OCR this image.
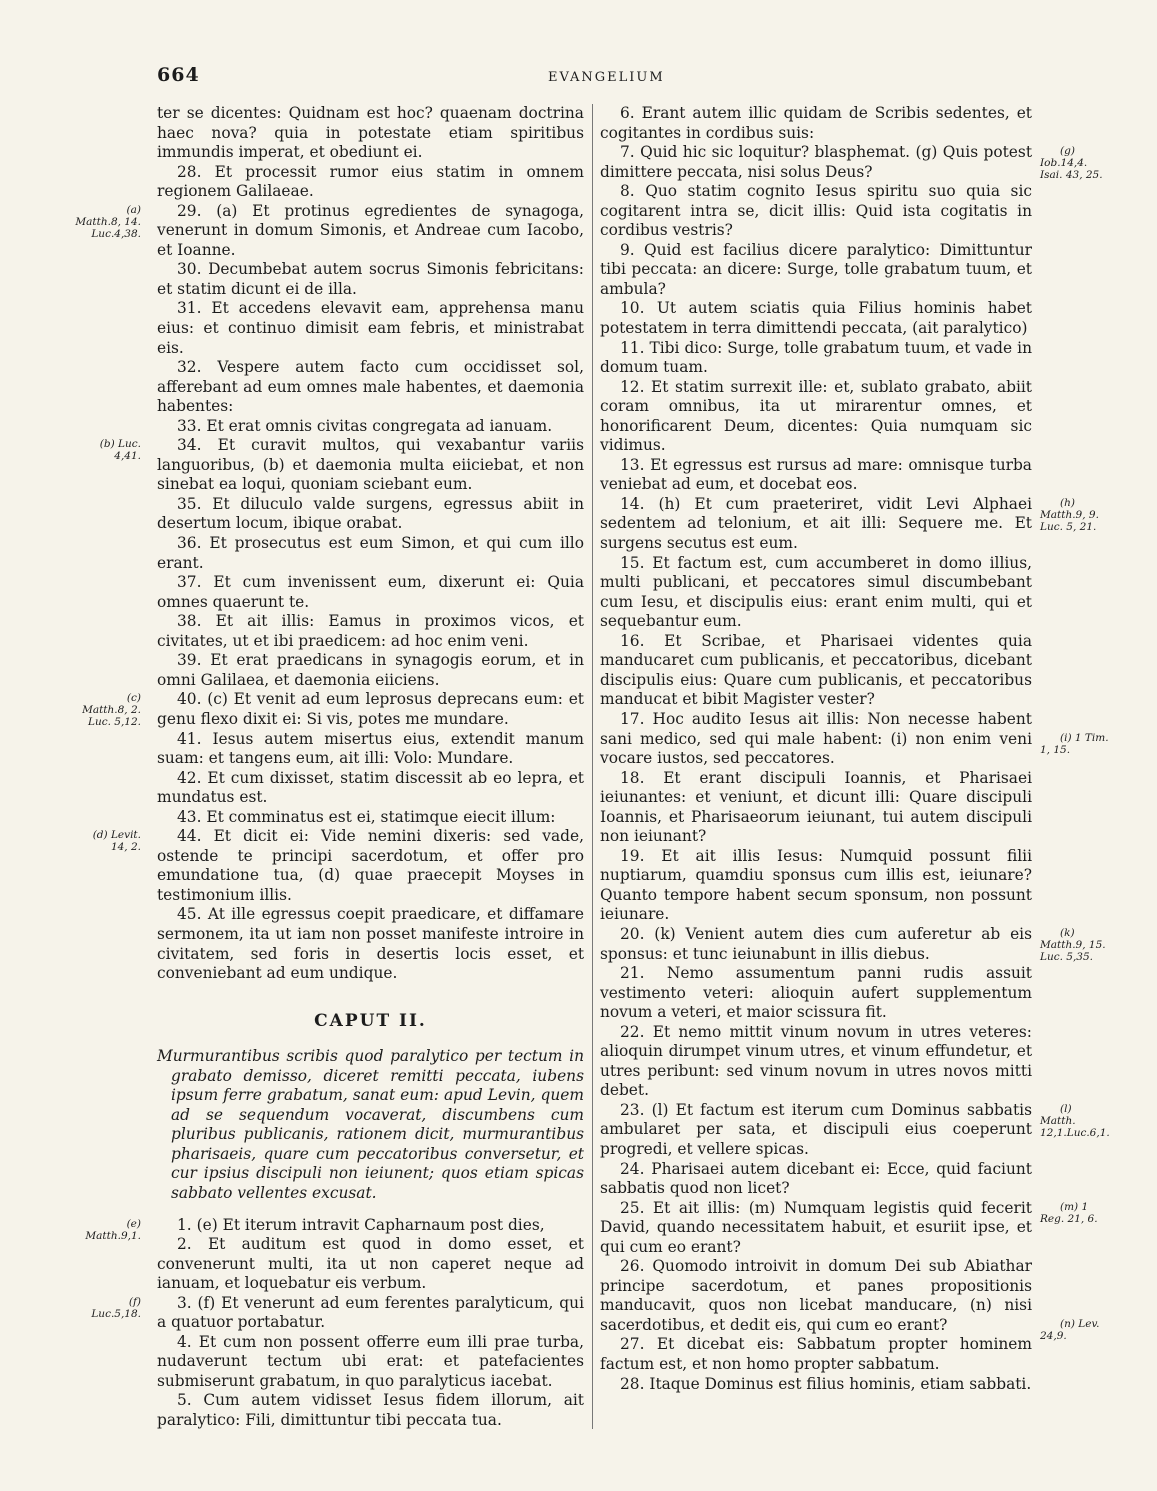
664	EVANGELIUM

ter se dicentes: Quidnam est hoc? quaenam doctrina haec nova? quia in potestate etiam spiritibus immundis imperat, et obediunt ei.

28. Et processit rumor eius statim in omnem regionem Galilaeae.

29. (a) Et protinus egredientes de synagoga, venerunt in domum Simonis, et Andreae cum Iacobo, et Ioanne.
(a) Matth.8, 14. Luc.4,38.

30. Decumbebat autem socrus Simonis febricitans: et statim dicunt ei de illa.

31. Et accedens elevavit eam, apprehensa manu eius: et continuo dimisit eam febris, et ministrabat eis.

32. Vespere autem facto cum occidisset sol, afferebant ad eum omnes male habentes, et daemonia habentes:

33. Et erat omnis civitas congregata ad ianuam.

34. Et curavit multos, qui vexabantur variis languoribus, (b) et daemonia multa eiiciebat, et non sinebat ea loqui, quoniam sciebant eum.
(b) Luc. 4,41.

35. Et diluculo valde surgens, egressus abiit in desertum locum, ibique orabat.

36. Et prosecutus est eum Simon, et qui cum illo erant.

37. Et cum invenissent eum, dixerunt ei: Quia omnes quaerunt te.

38. Et ait illis: Eamus in proximos vicos, et civitates, ut et ibi praedicem: ad hoc enim veni.

39. Et erat praedicans in synagogis eorum, et in omni Galilaea, et daemonia eiiciens.

40. (c) Et venit ad eum leprosus deprecans eum: et genu flexo dixit ei: Si vis, potes me mundare.
(c) Matth.8, 2. Luc. 5,12.

41. Iesus autem misertus eius, extendit manum suam: et tangens eum, ait illi: Volo: Mundare.

42. Et cum dixisset, statim discessit ab eo lepra, et mundatus est.

43. Et comminatus est ei, statimque eiecit illum:

44. Et dicit ei: Vide nemini dixeris: sed vade, ostende te principi sacerdotum, et offer pro emundatione tua, (d) quae praecepit Moyses in testimonium illis.
(d) Levit. 14, 2.

45. At ille egressus coepit praedicare, et diffamare sermonem, ita ut iam non posset manifeste introire in civitatem, sed foris in desertis locis esset, et conveniebant ad eum undique.

CAPUT II.

Murmurantibus scribis quod paralytico per tectum in grabato demisso, diceret remitti peccata, iubens ipsum ferre grabatum, sanat eum: apud Levin, quem ad se sequendum vocaverat, discumbens cum pluribus publicanis, rationem dicit, murmurantibus pharisaeis, quare cum peccatoribus conversetur, et cur ipsius discipuli non ieiunent; quos etiam spicas sabbato vellentes excusat.

1. (e) Et iterum intravit Capharnaum post dies,
(e) Matth.9,1.	2. Et auditum est quod in domo esset, et convenerunt multi, ita ut non caperet neque ad ianuam, et loquebatur eis verbum.

3. (f) Et venerunt ad eum ferentes paralyticum, qui a quatuor portabatur.
(f) Luc.5,18.

4. Et cum non possent offerre eum illi prae turba, nudaverunt tectum ubi erat: et patefacientes submiserunt grabatum, in quo paralyticus iacebat.

5. Cum autem vidisset Iesus fidem illorum, ait paralytico: Fili, dimittuntur tibi peccata tua.

6. Erant autem illic quidam de Scribis sedentes, et cogitantes in cordibus suis:

7. Quid hic sic loquitur? blasphemat. (g) Quis potest dimittere peccata, nisi solus Deus?
(g) Iob.14,4. Isai. 43, 25.

8. Quo statim cognito Iesus spiritu suo quia sic cogitarent intra se, dicit illis: Quid ista cogitatis in cordibus vestris?

9. Quid est facilius dicere paralytico: Dimittuntur tibi peccata: an dicere: Surge, tolle grabatum tuum, et ambula?

10. Ut autem sciatis quia Filius hominis habet potestatem in terra dimittendi peccata, (ait paralytico)

11. Tibi dico: Surge, tolle grabatum tuum, et vade in domum tuam.

12. Et statim surrexit ille: et, sublato grabato, abiit coram omnibus, ita ut mirarentur omnes, et honorificarent Deum, dicentes: Quia numquam sic vidimus.

13. Et egressus est rursus ad mare: omnisque turba veniebat ad eum, et docebat eos.

14. (h) Et cum praeteriret, vidit Levi Alphaei sedentem ad telonium, et ait illi: Sequere me. Et surgens secutus est eum.
(h) Matth.9, 9. Luc. 5, 21.

15. Et factum est, cum accumberet in domo illius, multi publicani, et peccatores simul discumbebant cum Iesu, et discipulis eius: erant enim multi, qui et sequebantur eum.

16. Et Scribae, et Pharisaei videntes quia manducaret cum publicanis, et peccatoribus, dicebant discipulis eius: Quare cum publicanis, et peccatoribus manducat et bibit Magister vester?

17. Hoc audito Iesus ait illis: Non necesse habent sani medico, sed qui male habent: (i) non enim veni vocare iustos, sed peccatores.
(i) 1 Tim. 1, 15.

18. Et erant discipuli Ioannis, et Pharisaei ieiunantes: et veniunt, et dicunt illi: Quare discipuli Ioannis, et Pharisaeorum ieiunant, tui autem discipuli non ieiunant?

19. Et ait illis Iesus: Numquid possunt filii nuptiarum, quamdiu sponsus cum illis est, ieiunare? Quanto tempore habent secum sponsum, non possunt ieiunare.

20. (k) Venient autem dies cum auferetur ab eis sponsus: et tunc ieiunabunt in illis diebus.
(k) Matth.9, 15. Luc. 5,35.

21. Nemo assumentum panni rudis assuit vestimento veteri: alioquin aufert supplementum novum a veteri, et maior scissura fit.

22. Et nemo mittit vinum novum in utres veteres: alioquin dirumpet vinum utres, et vinum effundetur, et utres peribunt: sed vinum novum in utres novos mitti debet.

23. (l) Et factum est iterum cum Dominus sabbatis ambularet per sata, et discipuli eius coeperunt progredi, et vellere spicas.
(l) Matth. 12,1.Luc.6,1.

24. Pharisaei autem dicebant ei: Ecce, quid faciunt sabbatis quod non licet?

25. Et ait illis: (m) Numquam legistis quid fecerit David, quando necessitatem habuit, et esuriit ipse, et qui cum eo erant?
(m) 1 Reg. 21, 6.

26. Quomodo introivit in domum Dei sub Abiathar principe sacerdotum, et panes propositionis manducavit, quos non licebat manducare, (n) nisi sacerdotibus, et dedit eis, qui cum eo erant?	(n) Lev. 24,9.

27. Et dicebat eis: Sabbatum propter hominem factum est, et non homo propter sabbatum.

28. Itaque Dominus est filius hominis, etiam sabbati.
